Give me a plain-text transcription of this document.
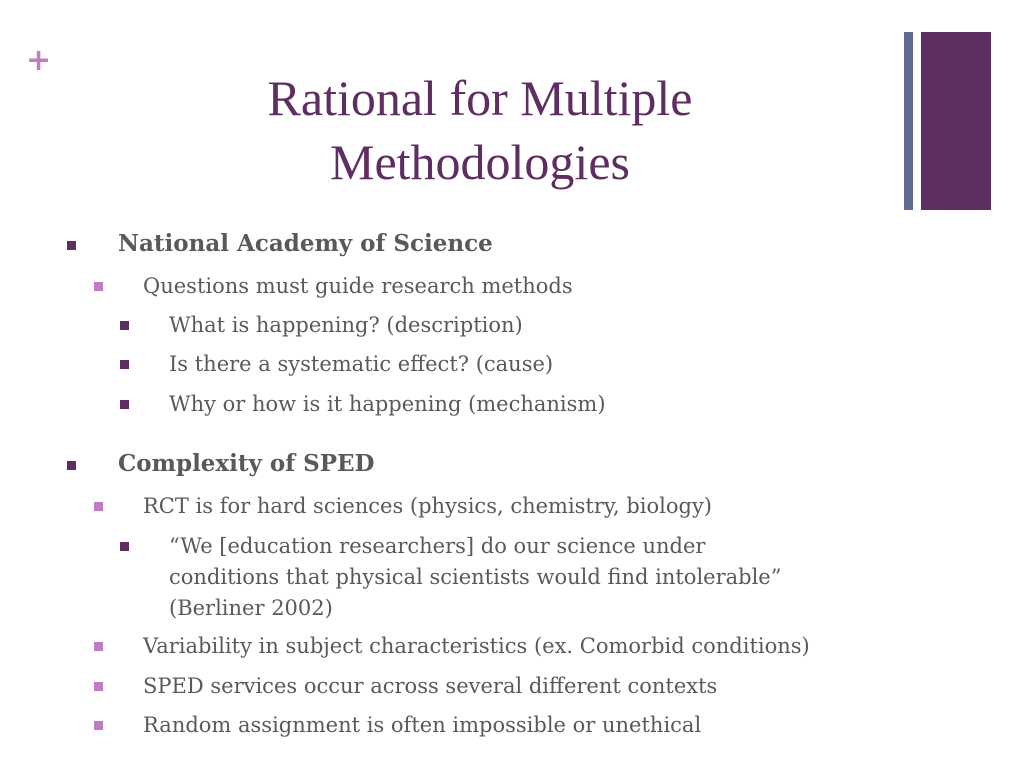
+
Rational for Multiple
Methodologies
National Academy of Science
Questions must guide research methods
What is happening? (description)
Is there a systematic effect? (cause)
Why or how is it happening (mechanism)
Complexity of SPED
RCT is for hard sciences (physics, chemistry, biology)
“We [education researchers] do our science under
conditions that physical scientists would find intolerable”
(Berliner 2002)
Variability in subject characteristics (ex. Comorbid conditions)
SPED services occur across several different contexts
Random assignment is often impossible or unethical
